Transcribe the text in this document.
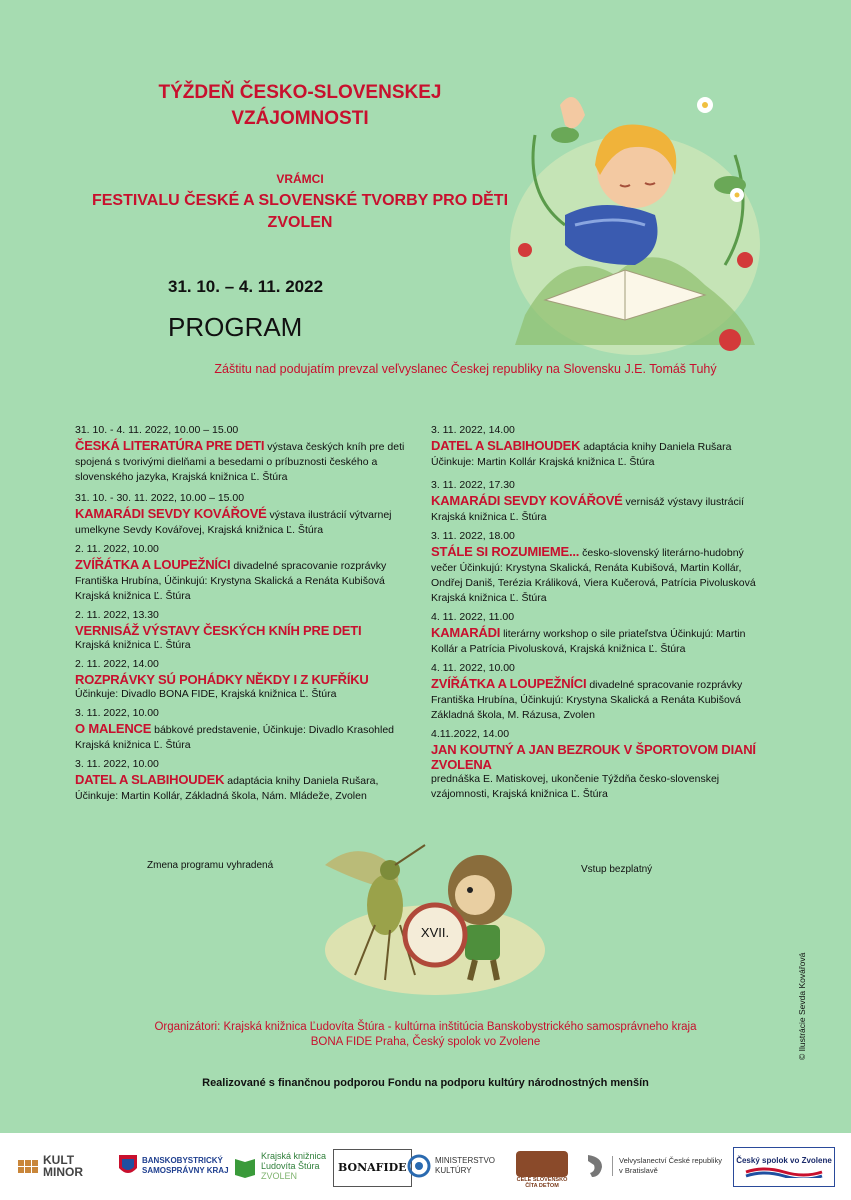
TÝŽDEŇ ČESKO-SLOVENSKEJ
VZÁJOMNOSTI
VRÁMCI
FESTIVALU ČESKÉ A SLOVENSKÉ TVORBY PRO DĚTI
ZVOLEN
31. 10. – 4. 11. 2022
PROGRAM
Záštitu nad podujatím prevzal veľvyslanec Českej republiky na Slovensku J.E. Tomáš Tuhý
31. 10. - 4. 11. 2022, 10.00 – 15.00
ČESKÁ LITERATÚRA PRE DETI výstava českých kníh pre deti spojená s tvorivými dielňami a besedami o príbuznosti českého a slovenského jazyka, Krajská knižnica Ľ. Štúra
31. 10. - 30. 11. 2022, 10.00 – 15.00
KAMARÁDI SEVDY KOVÁŘOVÉ výstava ilustrácií výtvarnej umelkyne Sevdy Kovářovej, Krajská knižnica Ľ. Štúra
2. 11. 2022, 10.00
ZVÍŘÁTKA A LOUPEŽNÍCI divadelné spracovanie rozprávky Františka Hrubína, Účinkujú: Krystyna Skalická a Renáta Kubišová Krajská knižnica Ľ. Štúra
2. 11. 2022, 13.30
VERNISÁŽ VÝSTAVY ČESKÝCH KNÍH PRE DETI
Krajská knižnica Ľ. Štúra
2. 11. 2022, 14.00
ROZPRÁVKY SÚ POHÁDKY NĚKDY I Z KUFŘÍKU
Účinkuje: Divadlo BONA FIDE, Krajská knižnica Ľ. Štúra
3. 11. 2022, 10.00
O MALENCE bábkové predstavenie, Účinkuje: Divadlo Krasohled Krajská knižnica Ľ. Štúra
3. 11. 2022, 10.00
DATEL A SLABIHOUDEK adaptácia knihy Daniela Rušara, Účinkuje: Martin Kollár, Základná škola, Nám. Mládeže, Zvolen
3. 11. 2022, 14.00
DATEL A SLABIHOUDEK adaptácia knihy Daniela Rušara Účinkuje: Martin Kollár Krajská knižnica Ľ. Štúra
3. 11. 2022, 17.30
KAMARÁDI SEVDY KOVÁŘOVÉ vernisáž výstavy ilustrácií Krajská knižnica Ľ. Štúra
3. 11. 2022, 18.00
STÁLE SI ROZUMIEME... česko-slovenský literárno-hudobný večer Účinkujú: Krystyna Skalická, Renáta Kubišová, Martin Kollár, Ondřej Daniš, Terézia Králiková, Viera Kučerová, Patrícia Pivolusková Krajská knižnica Ľ. Štúra
4. 11. 2022, 11.00
KAMARÁDI literárny workshop o sile priateľstva Účinkujú: Martin Kollár a Patrícia Pivolusková, Krajská knižnica Ľ. Štúra
4. 11. 2022, 10.00
ZVÍŘÁTKA A LOUPEŽNÍCI divadelné spracovanie rozprávky Františka Hrubína, Účinkujú: Krystyna Skalická a Renáta Kubišová Základná škola, M. Rázusa, Zvolen
4.11.2022, 14.00
JAN KOUTNÝ A JAN BEZROUK V ŠPORTOVOM DIANÍ ZVOLENA
prednáška E. Matiskovej, ukončenie Týždňa česko-slovenskej vzájomnosti, Krajská knižnica Ľ. Štúra
Zmena programu vyhradená	Vstup bezplatný
XVII.
© Ilustrácie Sevda Kovářová
Organizátori: Krajská knižnica Ľudovíta Štúra - kultúrna inštitúcia Banskobystrického samosprávneho kraja
BONA FIDE Praha, Český spolok vo Zvolene
Realizované s finančnou podporou Fondu na podporu kultúry národnostných menšín
KULT
MINOR
BANSKOBYSTRICKÝ
SAMOSPRÁVNY KRAJ
Krajská knižnica
Ľudovíta Štúra
ZVOLEN
BONAFIDE
MINISTERSTVO
KULTÚRY
CELÉ SLOVENSKO
ČÍTA DEŤOM
Velvyslanectví České republiky
v Bratislavě
Český spolok vo Zvolene
